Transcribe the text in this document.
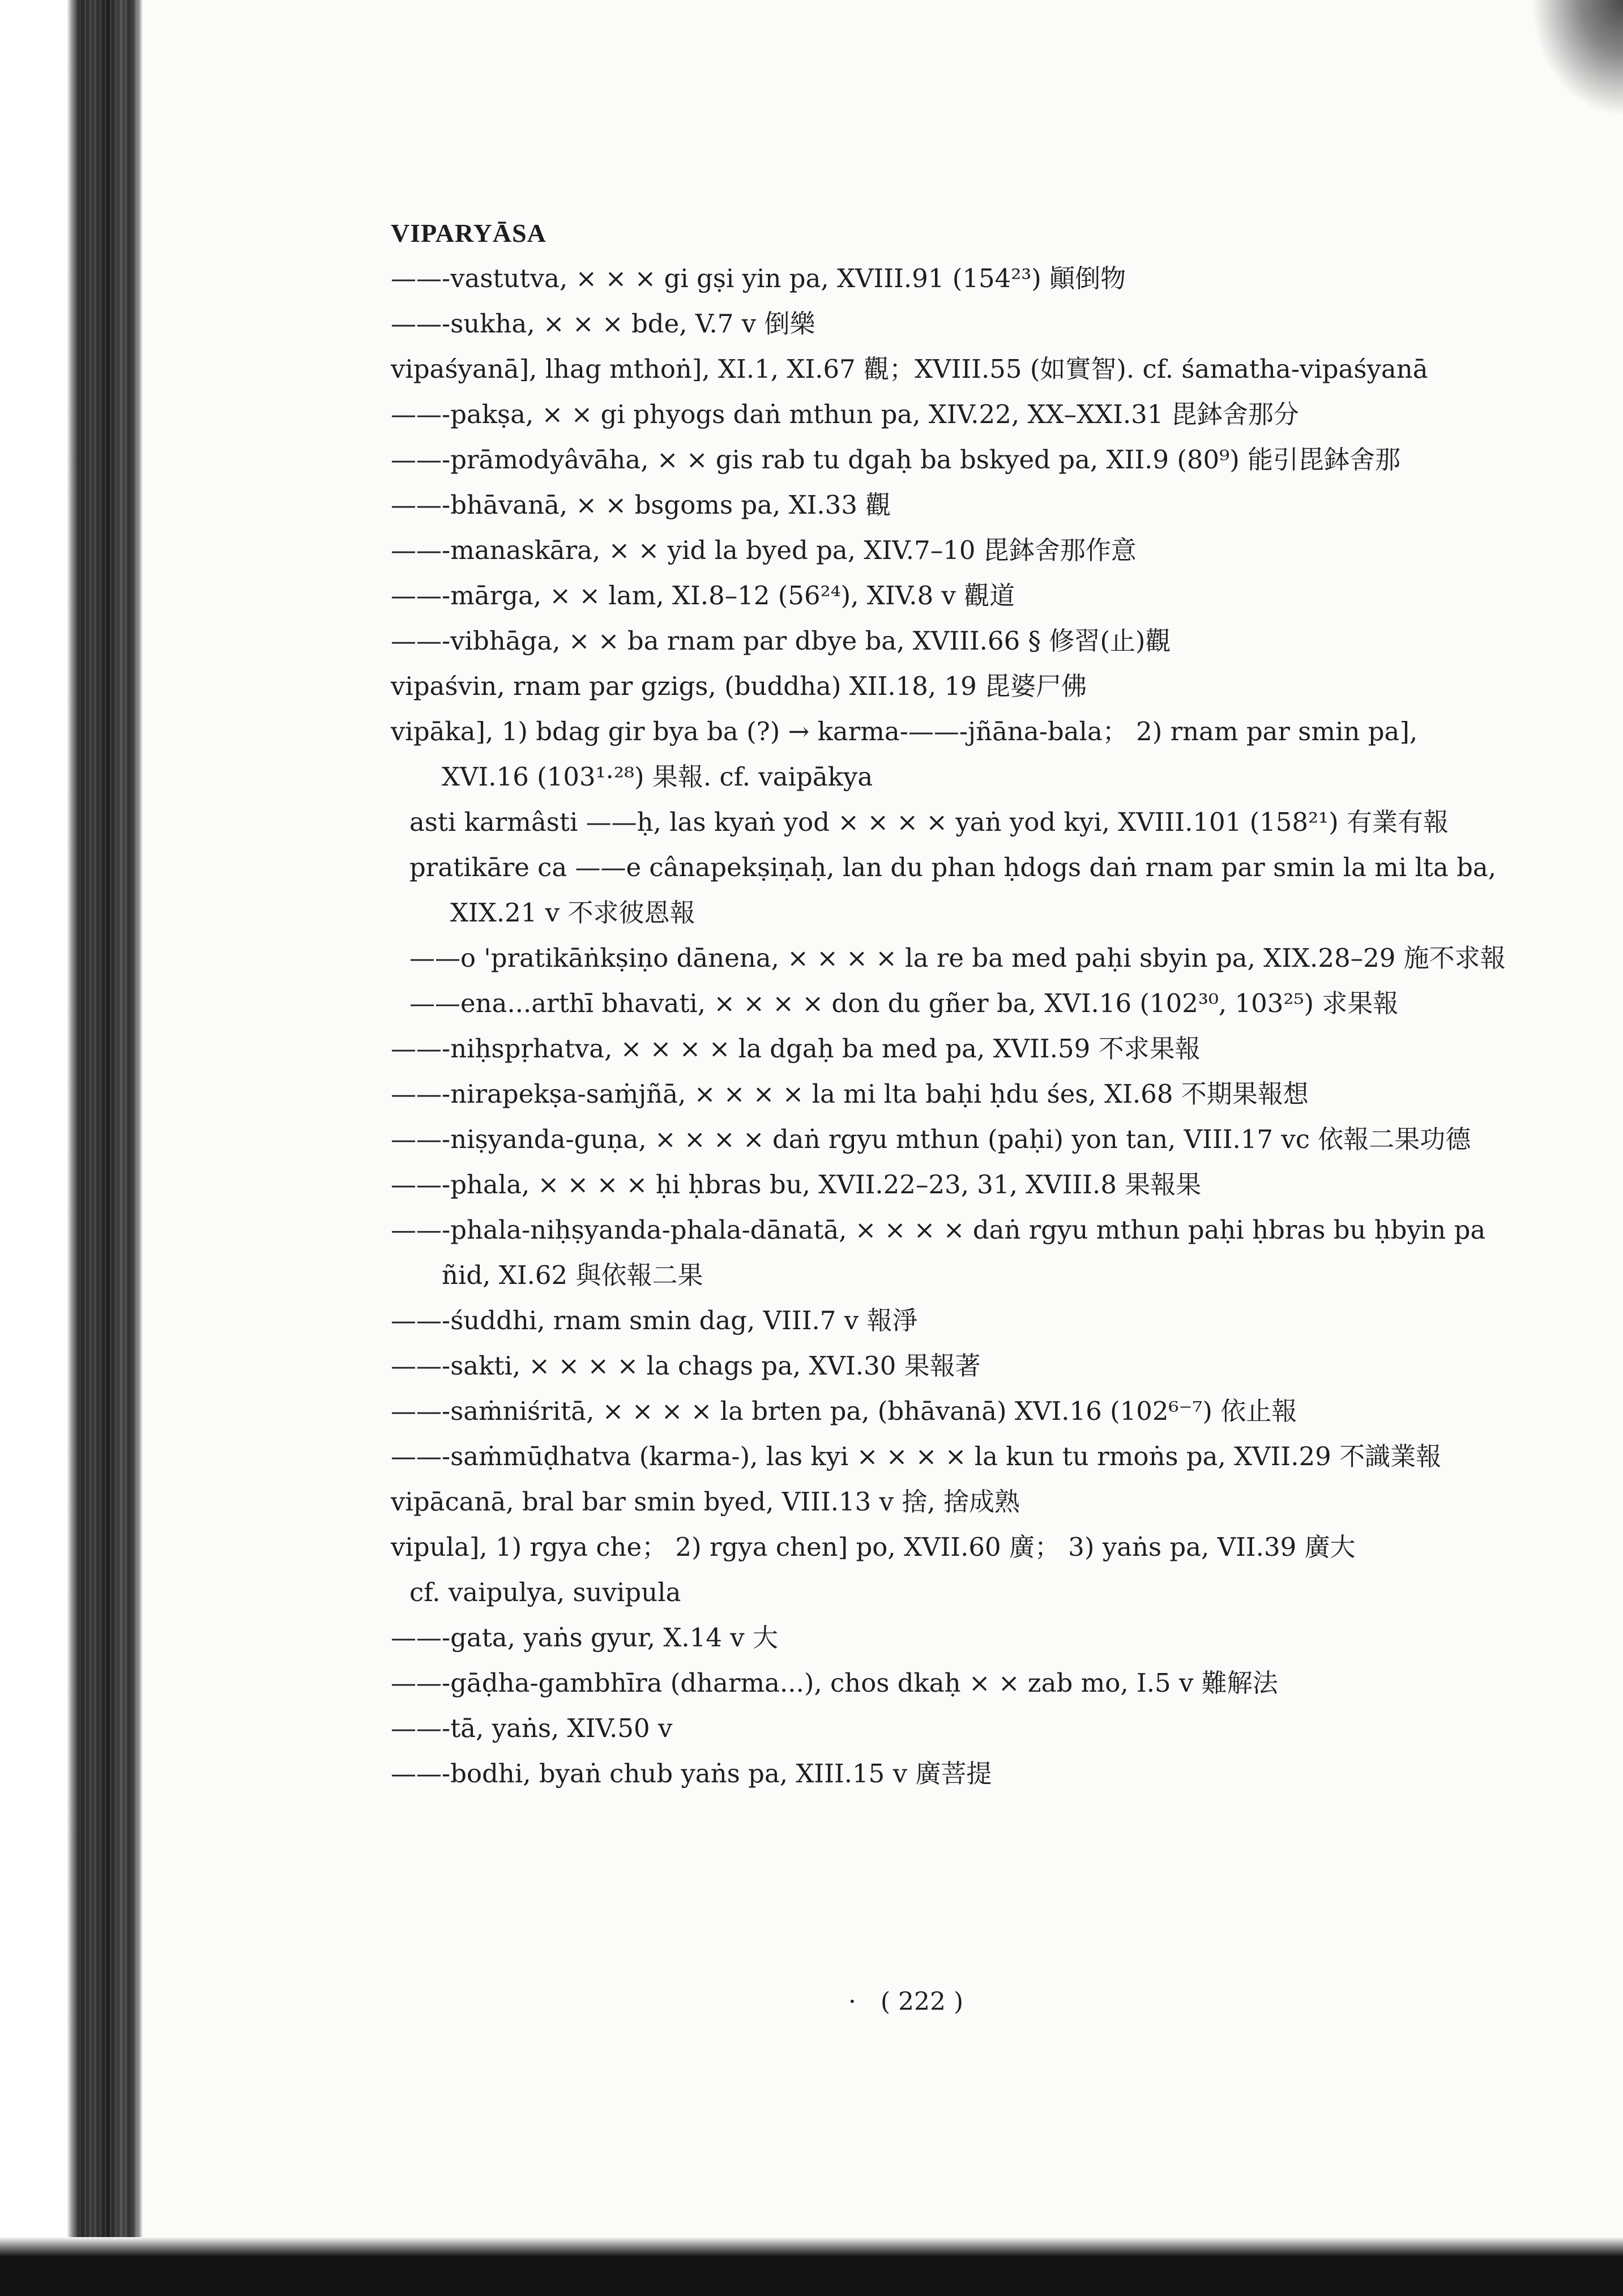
VIPARYĀSA
——-vastutva, × × × gi gṣi yin pa, XVIII.91 (154²³) 顚倒物
——-sukha, × × × bde, V.7 v 倒樂
vipaśyanā], lhag mthoṅ], XI.1, XI.67 觀；XVIII.55 (如實智). cf. śamatha-vipaśyanā
——-pakṣa, × × gi phyogs daṅ mthun pa, XIV.22, XX–XXI.31 毘鉢舍那分
——-prāmodyâvāha, × × gis rab tu dgaḥ ba bskyed pa, XII.9 (80⁹) 能引毘鉢舍那
——-bhāvanā, × × bsgoms pa, XI.33 觀
——-manaskāra, × × yid la byed pa, XIV.7–10 毘鉢舍那作意
——-mārga, × × lam, XI.8–12 (56²⁴), XIV.8 v 觀道
——-vibhāga, × × ba rnam par dbye ba, XVIII.66 § 修習(止)觀
vipaśvin, rnam par gzigs, (buddha) XII.18, 19 毘婆尸佛
vipāka], 1) bdag gir bya ba (?) → karma-——-jñāna-bala； 2) rnam par smin pa], XVI.16 (103¹·²⁸) 果報. cf. vaipākya
asti karmâsti ——ḥ, las kyaṅ yod × × × × yaṅ yod kyi, XVIII.101 (158²¹) 有業有報
pratikāre ca ——e cânapekṣiṇaḥ, lan du phan ḥdogs daṅ rnam par smin la mi lta ba, XIX.21 v 不求彼恩報
——o 'pratikāṅkṣiṇo dānena, × × × × la re ba med paḥi sbyin pa, XIX.28–29 施不求報
——ena...arthī bhavati, × × × × don du gñer ba, XVI.16 (102³⁰, 103²⁵) 求果報
——-niḥspṛhatva, × × × × la dgaḥ ba med pa, XVII.59 不求果報
——-nirapekṣa-saṁjñā, × × × × la mi lta baḥi ḥdu śes, XI.68 不期果報想
——-niṣyanda-guṇa, × × × × daṅ rgyu mthun (paḥi) yon tan, VIII.17 vc 依報二果功德
——-phala, × × × × ḥi ḥbras bu, XVII.22–23, 31, XVIII.8 果報果
——-phala-niḥṣyanda-phala-dānatā, × × × × daṅ rgyu mthun paḥi ḥbras bu ḥbyin pa ñid, XI.62 與依報二果
——-śuddhi, rnam smin dag, VIII.7 v 報淨
——-sakti, × × × × la chags pa, XVI.30 果報著
——-saṁniśritā, × × × × la brten pa, (bhāvanā) XVI.16 (102⁶⁻⁷) 依止報
——-saṁmūḍhatva (karma-), las kyi × × × × la kun tu rmoṅs pa, XVII.29 不識業報
vipācanā, bral bar smin byed, VIII.13 v 捨, 捨成熟
vipula], 1) rgya che； 2) rgya chen] po, XVII.60 廣； 3) yaṅs pa, VII.39 廣大
cf. vaipulya, suvipula
——-gata, yaṅs gyur, X.14 v 大
——-gāḍha-gambhīra (dharma...), chos dkaḥ × × zab mo, I.5 v 難解法
——-tā, yaṅs, XIV.50 v
——-bodhi, byaṅ chub yaṅs pa, XIII.15 v 廣菩提
· ( 222 )
